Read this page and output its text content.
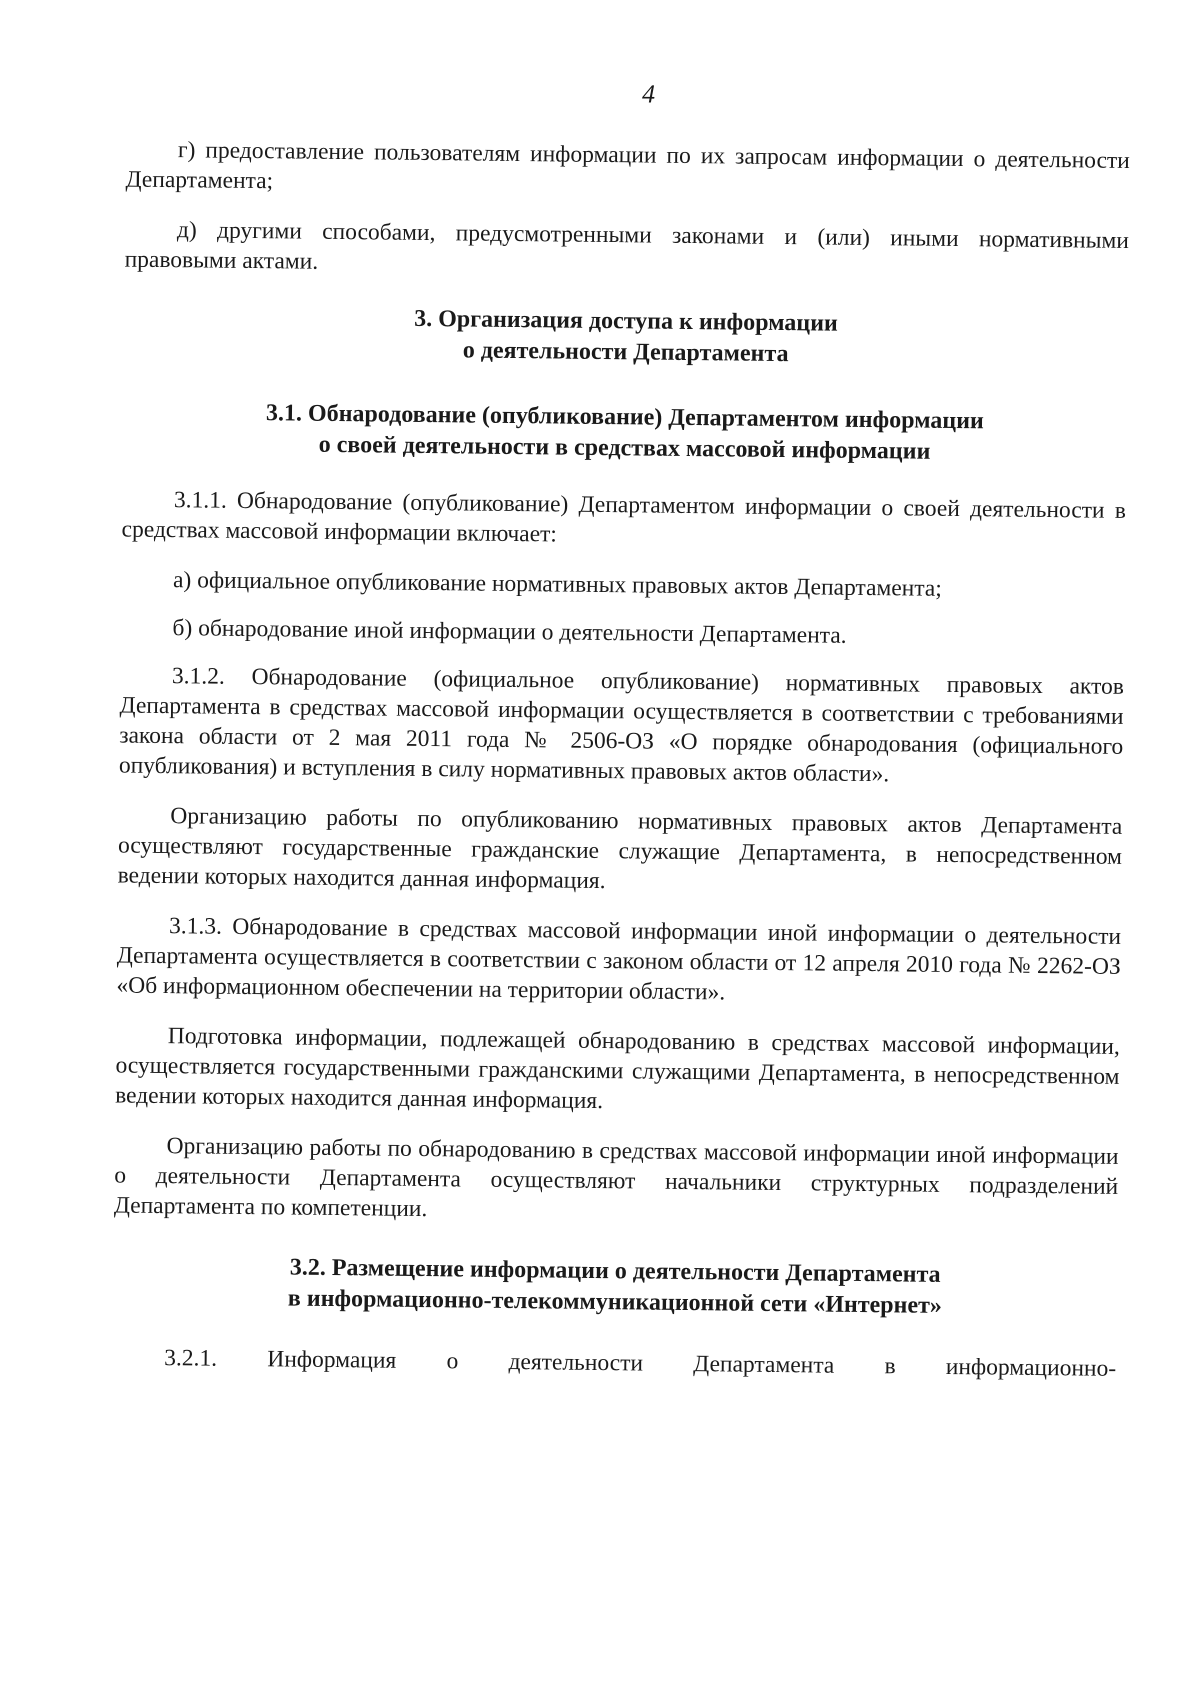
4

г) предоставление пользователям информации по их запросам информации о деятельности Департамента;

д) другими способами, предусмотренными законами и (или) иными нормативными правовыми актами.

3. Организация доступа к информации
о деятельности Департамента
3.1. Обнародование (опубликование) Департаментом информации
о своей деятельности в средствах массовой информации

3.1.1. Обнародование (опубликование) Департаментом информации о своей деятельности в средствах массовой информации включает:

а) официальное опубликование нормативных правовых актов Департамента;

б) обнародование иной информации о деятельности Департамента.

3.1.2. Обнародование (официальное опубликование) нормативных правовых актов Департамента в средствах массовой информации осуществляется в соответствии с требованиями закона области от 2 мая 2011 года № 2506-ОЗ «О порядке обнародования (официального опубликования) и вступления в силу нормативных правовых актов области».

Организацию работы по опубликованию нормативных правовых актов Департамента осуществляют государственные гражданские служащие Департамента, в непосредственном ведении которых находится данная информация.

3.1.3. Обнародование в средствах массовой информации иной информации о деятельности Департамента осуществляется в соответствии с законом области от 12 апреля 2010 года № 2262-ОЗ «Об информационном обеспечении на территории области».

Подготовка информации, подлежащей обнародованию в средствах массовой информации, осуществляется государственными гражданскими служащими Департамента, в непосредственном ведении которых находится данная информация.

Организацию работы по обнародованию в средствах массовой информации иной информации о деятельности Департамента осуществляют начальники структурных подразделений Департамента по компетенции.

3.2. Размещение информации о деятельности Департамента
в информационно-телекоммуникационной сети «Интернет»

3.2.1. Информация о деятельности Департамента в информационно-
